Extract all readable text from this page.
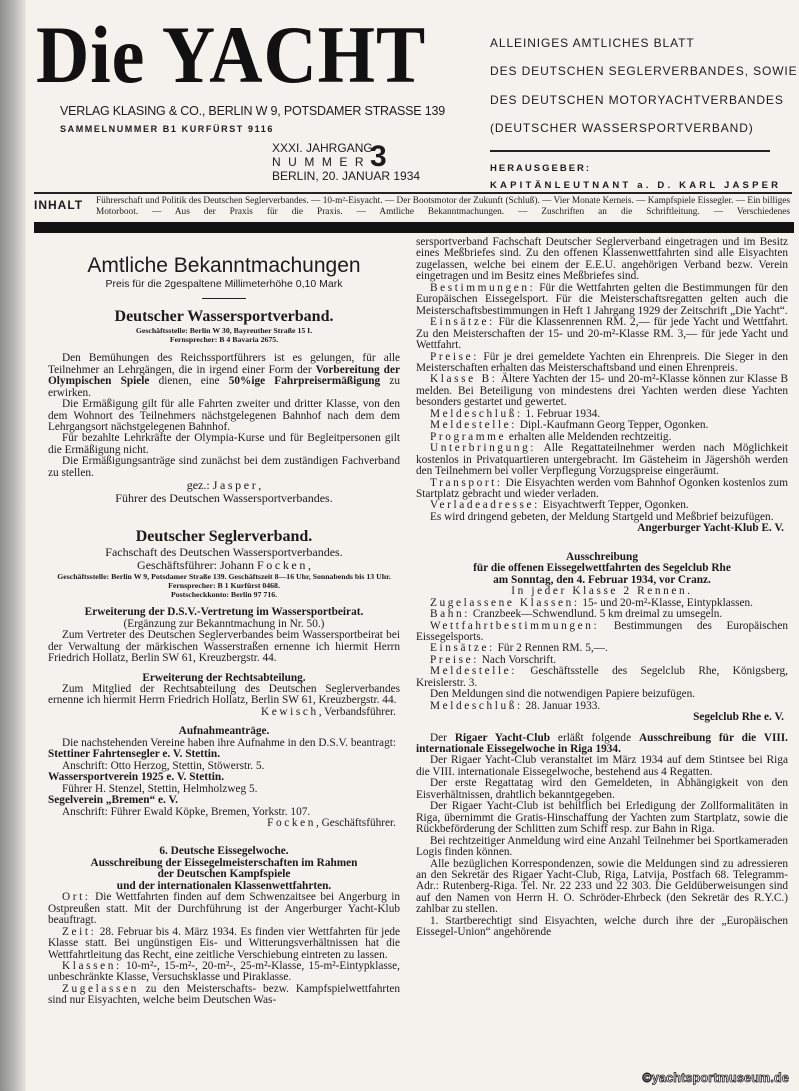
Die YACHT
VERLAG KLASING & CO., BERLIN W 9, POTSDAMER STRASSE 139
SAMMELNUMMER B1 KURFÜRST 9116
XXXI. JAHRGANG
NUMMER 3
BERLIN, 20. JANUAR 1934
ALLEINIGES AMTLICHES BLATT
DES DEUTSCHEN SEGLERVERBANDES, SOWIE
DES DEUTSCHEN MOTORYACHTVERBANDES
(DEUTSCHER WASSERSPORTVERBAND)
HERAUSGEBER:
KAPITÄNLEUTNANT a. D. KARL JASPER
INHALT Führerschaft und Politik des Deutschen Seglerverbandes. — 10-m²-Eisyacht. — Der Bootsmotor der Zukunft (Schluß). — Vier Monate Kerneis. — Kampfspiele Eissegler. — Ein billiges Motorboot. — Aus der Praxis für die Praxis. — Amtliche Bekanntmachungen. — Zuschriften an die Schriftleitung. — Verschiedenes
Amtliche Bekanntmachungen
Preis für die 2gespaltene Millimeterhöhe 0,10 Mark
Deutscher Wassersportverband.
Geschäftsstelle: Berlin W 30, Bayreuther Straße 15 I.
Fernsprecher: B 4 Bavaria 2675.
Den Bemühungen des Reichssportführers ist es gelungen, für alle Teilnehmer an Lehrgängen, die in irgend einer Form der Vorbereitung der Olympischen Spiele dienen, eine 50%ige Fahrpreisermäßigung zu erwirken.
Die Ermäßigung gilt für alle Fahrten zweiter und dritter Klasse, von den dem Wohnort des Teilnehmers nächstgelegenen Bahnhof nach dem dem Lehrgangsort nächstgelegenen Bahnhof.
Für bezahlte Lehrkräfte der Olympia-Kurse und für Begleitpersonen gilt die Ermäßigung nicht.
Die Ermäßigungsanträge sind zunächst bei dem zuständigen Fachverband zu stellen.
gez.: Jasper,
Führer des Deutschen Wassersportverbandes.
Deutscher Seglerverband.
Fachschaft des Deutschen Wassersportverbandes.
Geschäftsführer: Johann Focken,
Geschäftsstelle: Berlin W 9, Potsdamer Straße 139. Geschäftszeit 8—16 Uhr, Sonnabends bis 13 Uhr. Fernsprecher: B 1 Kurfürst 0468.
Postscheckkonto: Berlin 97 716.
Erweiterung der D.S.V.-Vertretung im Wassersportbeirat.
(Ergänzung zur Bekanntmachung in Nr. 50.)
Zum Vertreter des Deutschen Seglerverbandes beim Wassersportbeirat bei der Verwaltung der märkischen Wasserstraßen ernenne ich hiermit Herrn Friedrich Hollatz, Berlin SW 61, Kreuzbergstr. 44.
Erweiterung der Rechtsabteilung.
Zum Mitglied der Rechtsabteilung des Deutschen Seglerverbandes ernenne ich hiermit Herrn Friedrich Hollatz, Berlin SW 61, Kreuzbergstr. 44.
Kewisch, Verbandsführer.
Aufnahmeanträge.
Die nachstehenden Vereine haben ihre Aufnahme in den D.S.V. beantragt:
Stettiner Fahrtensegler e. V. Stettin.
Anschrift: Otto Herzog, Stettin, Stöwerstr. 5.
Wassersportverein 1925 e. V. Stettin.
Führer H. Stenzel, Stettin, Helmholzweg 5.
Segelverein „Bremen“ e. V.
Anschrift: Führer Ewald Köpke, Bremen, Yorkstr. 107.
Focken, Geschäftsführer.
6. Deutsche Eissegelwoche.
Ausschreibung der Eissegelmeisterschaften im Rahmen
der Deutschen Kampfspiele
und der internationalen Klassenwettfahrten.
Ort: Die Wettfahrten finden auf dem Schwenzaitsee bei Angerburg in Ostpreußen statt. Mit der Durchführung ist der Angerburger Yacht-Klub beauftragt.
Zeit: 28. Februar bis 4. März 1934. Es finden vier Wettfahrten für jede Klasse statt. Bei ungünstigen Eis- und Witterungsverhältnissen hat die Wettfahrtleitung das Recht, eine zeitliche Verschiebung eintreten zu lassen.
Klassen: 10-m²-, 15-m²-, 20-m²-, 25-m²-Klasse, 15-m²-Eintypklasse, unbeschränkte Klasse, Versuchsklasse und Piraklasse.
Zugelassen zu den Meisterschafts- bezw. Kampfspielwettfahrten sind nur Eisyachten, welche beim Deutschen Was-
sersportverband Fachschaft Deutscher Seglerverband eingetragen und im Besitz eines Meßbriefes sind. Zu den offenen Klassenwettfahrten sind alle Eisyachten zugelassen, welche bei einem der E.E.U. angehörigen Verband bezw. Verein eingetragen und im Besitz eines Meßbriefes sind.
Bestimmungen: Für die Wettfahrten gelten die Bestimmungen für den Europäischen Eissegelsport. Für die Meisterschaftsregatten gelten auch die Meisterschaftsbestimmungen in Heft 1 Jahrgang 1929 der Zeitschrift „Die Yacht“.
Einsätze: Für die Klassenrennen RM. 2,— für jede Yacht und Wettfahrt. Zu den Meisterschaften der 15- und 20-m²-Klasse RM. 3,— für jede Yacht und Wettfahrt.
Preise: Für je drei gemeldete Yachten ein Ehrenpreis. Die Sieger in den Meisterschaften erhalten das Meisterschaftsband und einen Ehrenpreis.
Klasse B: Ältere Yachten der 15- und 20-m²-Klasse können zur Klasse B melden. Bei Beteiligung von mindestens drei Yachten werden diese Yachten besonders gestartet und gewertet.
Meldeschluß: 1. Februar 1934.
Meldestelle: Dipl.-Kaufmann Georg Tepper, Ogonken.
Programme erhalten alle Meldenden rechtzeitig.
Unterbringung: Alle Regattateilnehmer werden nach Möglichkeit kostenlos in Privatquartieren untergebracht. Im Gästeheim in Jägershöh werden den Teilnehmern bei voller Verpflegung Vorzugspreise eingeräumt.
Transport: Die Eisyachten werden vom Bahnhof Ogonken kostenlos zum Startplatz gebracht und wieder verladen.
Verladeadresse: Eisyachtwerft Tepper, Ogonken.
Es wird dringend gebeten, der Meldung Startgeld und Meßbrief beizufügen.
Angerburger Yacht-Klub E. V.
Ausschreibung
für die offenen Eissegelwettfahrten des Segelclub Rhe
am Sonntag, den 4. Februar 1934, vor Cranz.
In jeder Klasse 2 Rennen.
Zugelassene Klassen: 15- und 20-m²-Klasse, Eintypklassen.
Bahn: Cranzbeek—Schwendlund. 5 km dreimal zu umsegeln.
Wettfahrtbestimmungen: Bestimmungen des Europäischen Eissegelsports.
Einsätze: Für 2 Rennen RM. 5,—.
Preise: Nach Vorschrift.
Meldestelle: Geschäftsstelle des Segelclub Rhe, Königsberg, Kreislerstr. 3.
Den Meldungen sind die notwendigen Papiere beizufügen.
Meldeschluß: 28. Januar 1933.
Segelclub Rhe e. V.
Der Rigaer Yacht-Club erläßt folgende Ausschreibung für die VIII. internationale Eissegelwoche in Riga 1934.
Der Rigaer Yacht-Club veranstaltet im März 1934 auf dem Stintsee bei Riga die VIII. internationale Eissegelwoche, bestehend aus 4 Regatten.
Der erste Regattatag wird den Gemeldeten, in Abhängigkeit von den Eisverhältnissen, drahtlich bekanntgegeben.
Der Rigaer Yacht-Club ist behilflich bei Erledigung der Zollformalitäten in Riga, übernimmt die Gratis-Hinschaffung der Yachten zum Startplatz, sowie die Rückbeförderung der Schlitten zum Schiff resp. zur Bahn in Riga.
Bei rechtzeitiger Anmeldung wird eine Anzahl Teilnehmer bei Sportkameraden Logis finden können.
Alle bezüglichen Korrespondenzen, sowie die Meldungen sind zu adressieren an den Sekretär des Rigaer Yacht-Club, Riga, Latvija, Postfach 68. Telegramm-Adr.: Rutenberg-Riga. Tel. Nr. 22 233 und 22 303. Die Geldüberweisungen sind auf den Namen von Herrn H. O. Schröder-Ehrbeck (den Sekretär des R.Y.C.) zahlbar zu stellen.
1. Startberechtigt sind Eisyachten, welche durch ihre der „Europäischen Eissegel-Union“ angehörende
©yachtsportmuseum.de
